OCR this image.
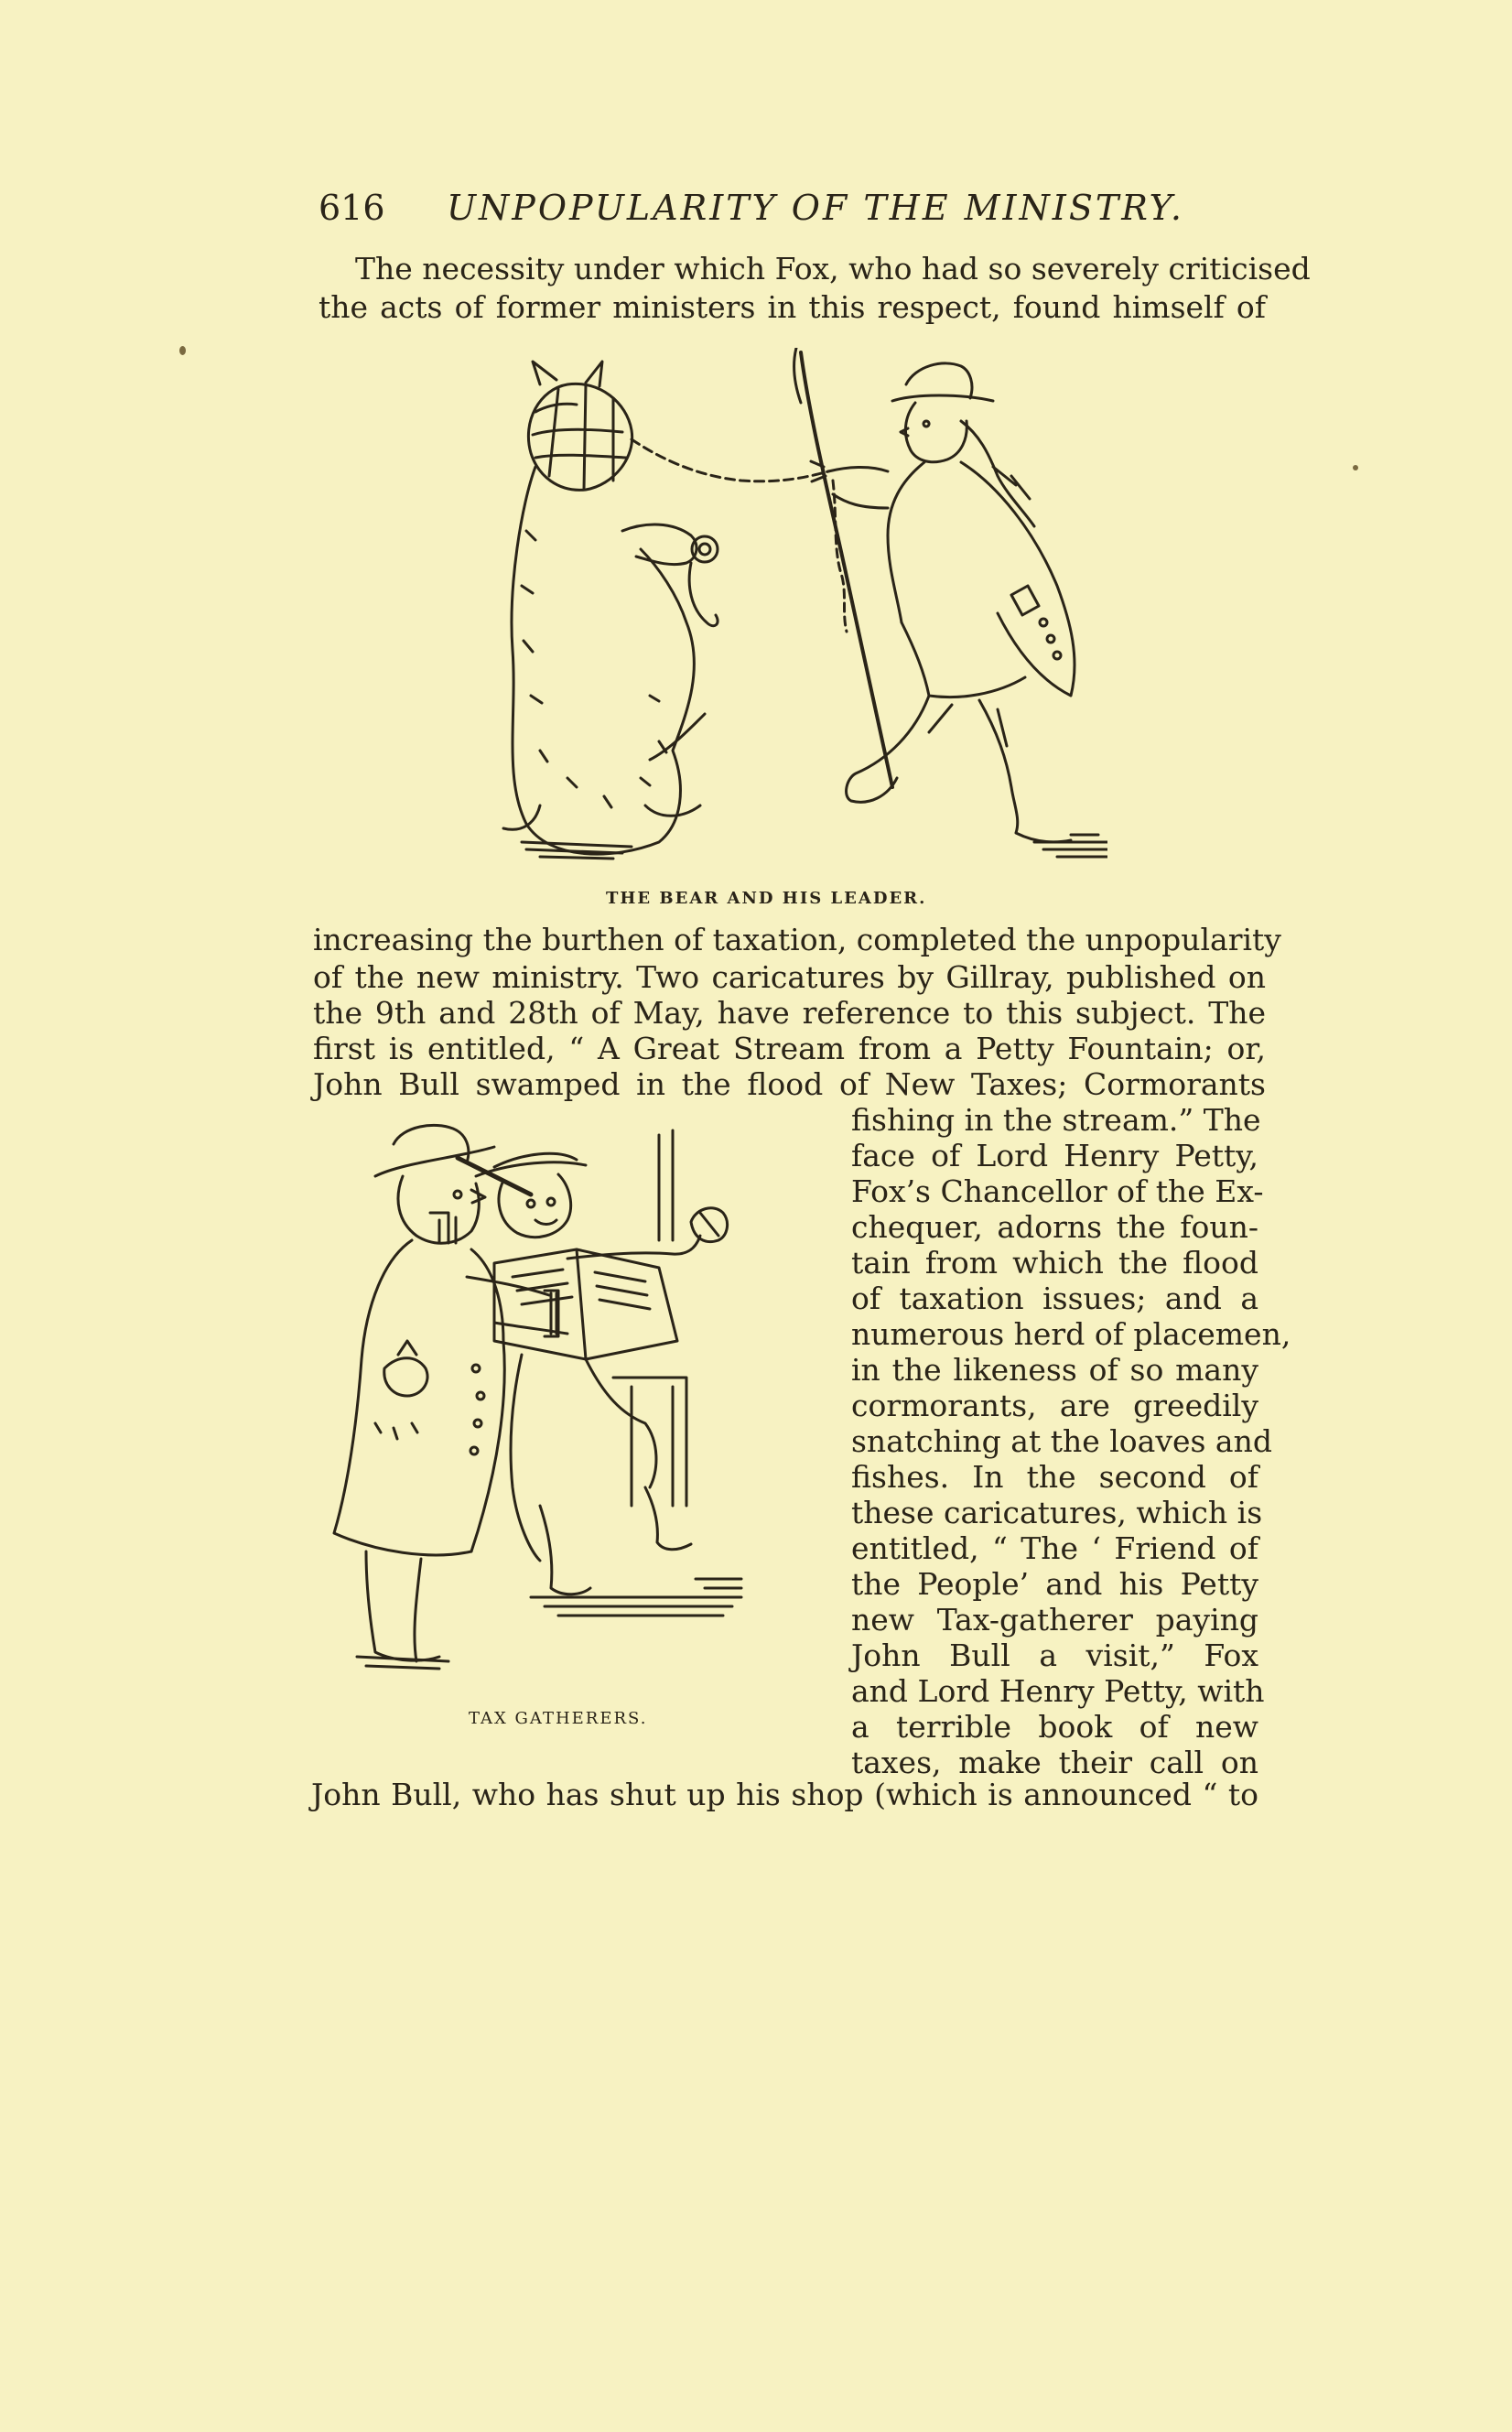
616 UNPOPULARITY OF THE MINISTRY.
The necessity under which Fox, who had so severely criticised
the acts of former ministers in this respect, found himself of
THE BEAR AND HIS LEADER.
increasing the burthen of taxation, completed the unpopularity
of the new ministry. Two caricatures by Gillray, published on
the 9th and 28th of May, have reference to this subject. The
first is entitled, “ A Great Stream from a Petty Fountain; or,
John Bull swamped in the flood of New Taxes; Cormorants
fishing in the stream.” The
face of Lord Henry Petty,
Fox’s Chancellor of the Ex-
chequer, adorns the foun-
tain from which the flood
of taxation issues; and a
numerous herd of placemen,
in the likeness of so many
cormorants, are greedily
snatching at the loaves and
fishes. In the second of
these caricatures, which is
entitled, “ The ‘ Friend of
the People’ and his Petty
new Tax-gatherer paying
John Bull a visit,” Fox
and Lord Henry Petty, with
a terrible book of new
taxes, make their call on
TAX GATHERERS.
John Bull, who has shut up his shop (which is announced “ to
